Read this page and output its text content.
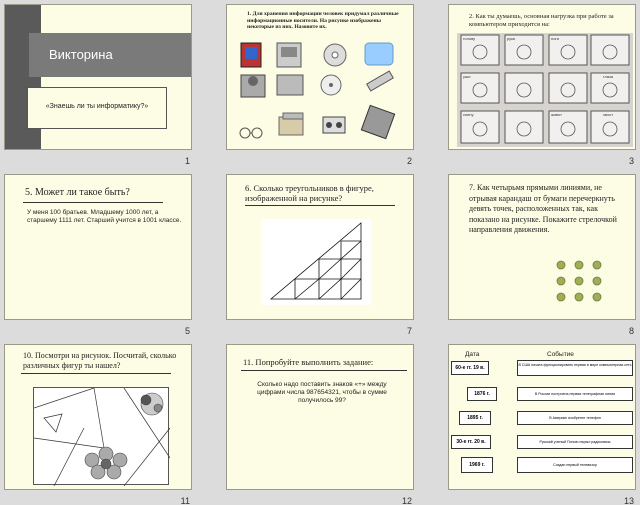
Викторина
«Знаешь ли ты информатику?»
1
1. Для хранения информации человек придумал различные информационные носители. На рисунке изображены некоторые из них. Назовите их.
2
2. Как ты думаешь, основная нагрузка при работе за компьютером приходится на:
голову	руки	ноги
глаза
уши
спину	живот	хвост
3
5. Может ли такое быть?
У меня 100 братьев. Младшему 1000 лет, а старшему 1111 лет. Старший учится в 1001 классе.
5
6. Сколько треугольников в фигуре, изображенной на рисунке?
7
7. Как четырьмя прямыми линиями, не отрывая карандаш от бумаги перечеркнуть девять точек, расположенных так, как показано на рисунке. Покажите стрелочкой направления движения.
8
10. Посмотри на рисунок. Посчитай, сколько различных фигур ты нашел?
11
11. Попробуйте выполнить задание:
Сколько надо поставить знаков «+» между цифрами числа 987654321, чтобы в сумме получилось 99?
12
Дата	Событие
60-е гг. 19 в.	В США начата функционировать первая в мире компьютерная сеть
1876 г.	В России построена первая телеграфная линия
1895 г.	В Америке изобретен телефон
30-е гг. 20 в.	Русский ученый Попов открыл радиосвязь
1969 г.	Создан первый телевизор
13
